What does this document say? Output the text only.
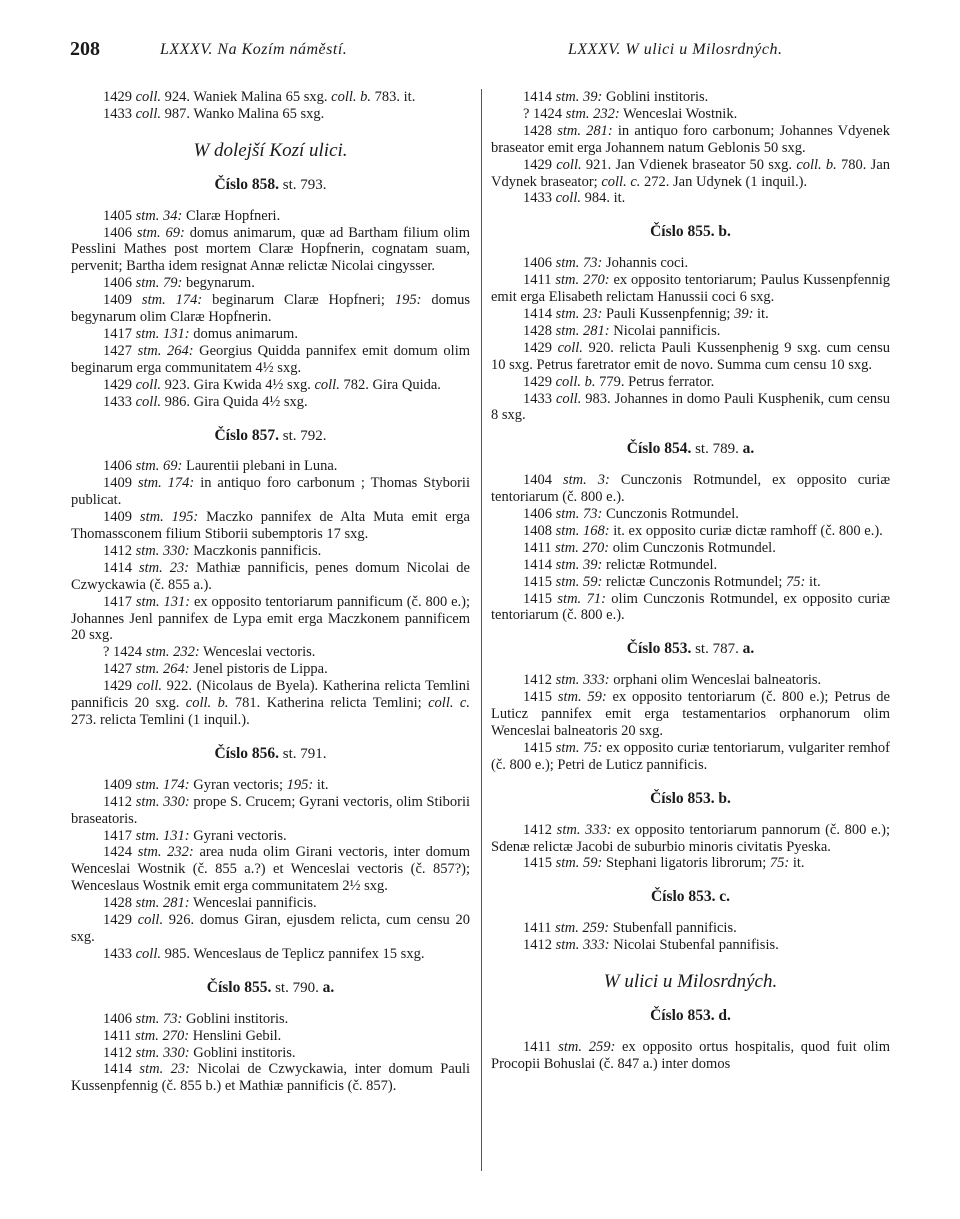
208	LXXXV. Na Kozím náměstí.	LXXXV. W ulici u Milosrdných.

1429 coll. 924. Waniek Malina 65 sxg. coll. b. 783. it.

1433 coll. 987. Wanko Malina 65 sxg.

W dolejší Kozí ulici.
Číslo 858. st. 793.

1405 stm. 34: Claræ Hopfneri.

1406 stm. 69: domus animarum, quæ ad Bartham filium olim Pesslini Mathes post mortem Claræ Hopfnerin, cognatam suam, pervenit; Bartha idem resignat Annæ relictæ Nicolai cingysser.

1406 stm. 79: begynarum.

1409 stm. 174: beginarum Claræ Hopfneri; 195: domus begynarum olim Claræ Hopfnerin.

1417 stm. 131: domus animarum.

1427 stm. 264: Georgius Quidda pannifex emit domum olim beginarum erga communitatem 4½ sxg.

1429 coll. 923. Gira Kwida 4½ sxg. coll. 782. Gira Quida.

1433 coll. 986. Gira Quida 4½ sxg.

Číslo 857. st. 792.

1406 stm. 69: Laurentii plebani in Luna.

1409 stm. 174: in antiquo foro carbonum ; Thomas Styborii publicat.

1409 stm. 195: Maczko pannifex de Alta Muta emit erga Thomassconem filium Stiborii subemptoris 17 sxg.

1412 stm. 330: Maczkonis pannificis.

1414 stm. 23: Mathiæ pannificis, penes domum Nicolai de Czwyckawia (č. 855 a.).

1417 stm. 131: ex opposito tentoriarum pannificum (č. 800 e.); Johannes Jenl pannifex de Lypa emit erga Maczkonem pannificem 20 sxg.

? 1424 stm. 232: Wenceslai vectoris.

1427 stm. 264: Jenel pistoris de Lippa.

1429 coll. 922. (Nicolaus de Byela). Katherina relicta Temlini pannificis 20 sxg. coll. b. 781. Katherina relicta Temlini; coll. c. 273. relicta Temlini (1 inquil.).

Číslo 856. st. 791.

1409 stm. 174: Gyran vectoris; 195: it.

1412 stm. 330: prope S. Crucem; Gyrani vectoris, olim Stiborii braseatoris.

1417 stm. 131: Gyrani vectoris.

1424 stm. 232: area nuda olim Girani vectoris, inter domum Wenceslai Wostnik (č. 855 a.?) et Wenceslai vectoris (č. 857?); Wenceslaus Wostnik emit erga communitatem 2½ sxg.

1428 stm. 281: Wenceslai pannificis.

1429 coll. 926. domus Giran, ejusdem relicta, cum censu 20 sxg.

1433 coll. 985. Wenceslaus de Teplicz pannifex 15 sxg.

Číslo 855. st. 790. a.

1406 stm. 73: Goblini institoris.

1411 stm. 270: Henslini Gebil.

1412 stm. 330: Goblini institoris.

1414 stm. 23: Nicolai de Czwyckawia, inter domum Pauli Kussenpfennig (č. 855 b.) et Mathiæ pannificis (č. 857).

1414 stm. 39: Goblini institoris.

? 1424 stm. 232: Wenceslai Wostnik.

1428 stm. 281: in antiquo foro carbonum; Johannes Vdyenek braseator emit erga Johannem natum Geblonis 50 sxg.

1429 coll. 921. Jan Vdienek braseator 50 sxg. coll. b. 780. Jan Vdynek braseator; coll. c. 272. Jan Udynek (1 inquil.).

1433 coll. 984. it.

Číslo 855. b.

1406 stm. 73: Johannis coci.

1411 stm. 270: ex opposito tentoriarum; Paulus Kussenpfennig emit erga Elisabeth relictam Hanussii coci 6 sxg.

1414 stm. 23: Pauli Kussenpfennig; 39: it.

1428 stm. 281: Nicolai pannificis.

1429 coll. 920. relicta Pauli Kussenphenig 9 sxg. cum censu 10 sxg. Petrus faretrator emit de novo. Summa cum censu 10 sxg.

1429 coll. b. 779. Petrus ferrator.

1433 coll. 983. Johannes in domo Pauli Kusphenik, cum censu 8 sxg.

Číslo 854. st. 789. a.

1404 stm. 3: Cunczonis Rotmundel, ex opposito curiæ tentoriarum (č. 800 e.).

1406 stm. 73: Cunczonis Rotmundel.

1408 stm. 168: it. ex opposito curiæ dictæ ramhoff (č. 800 e.).

1411 stm. 270: olim Cunczonis Rotmundel.

1414 stm. 39: relictæ Rotmundel.

1415 stm. 59: relictæ Cunczonis Rotmundel; 75: it.

1415 stm. 71: olim Cunczonis Rotmundel, ex opposito curiæ tentoriarum (č. 800 e.).

Číslo 853. st. 787. a.

1412 stm. 333: orphani olim Wenceslai balneatoris.

1415 stm. 59: ex opposito tentoriarum (č. 800 e.); Petrus de Luticz pannifex emit erga testamentarios orphanorum olim Wenceslai balneatoris 20 sxg.

1415 stm. 75: ex opposito curiæ tentoriarum, vulgariter remhof (č. 800 e.); Petri de Luticz pannificis.

Číslo 853. b.

1412 stm. 333: ex opposito tentoriarum pannorum (č. 800 e.); Sdenæ relictæ Jacobi de suburbio minoris civitatis Pyeska.

1415 stm. 59: Stephani ligatoris librorum; 75: it.

Číslo 853. c.

1411 stm. 259: Stubenfall pannificis.

1412 stm. 333: Nicolai Stubenfal pannifisis.

W ulici u Milosrdných.
Číslo 853. d.

1411 stm. 259: ex opposito ortus hospitalis, quod fuit olim Procopii Bohuslai (č. 847 a.) inter domos
